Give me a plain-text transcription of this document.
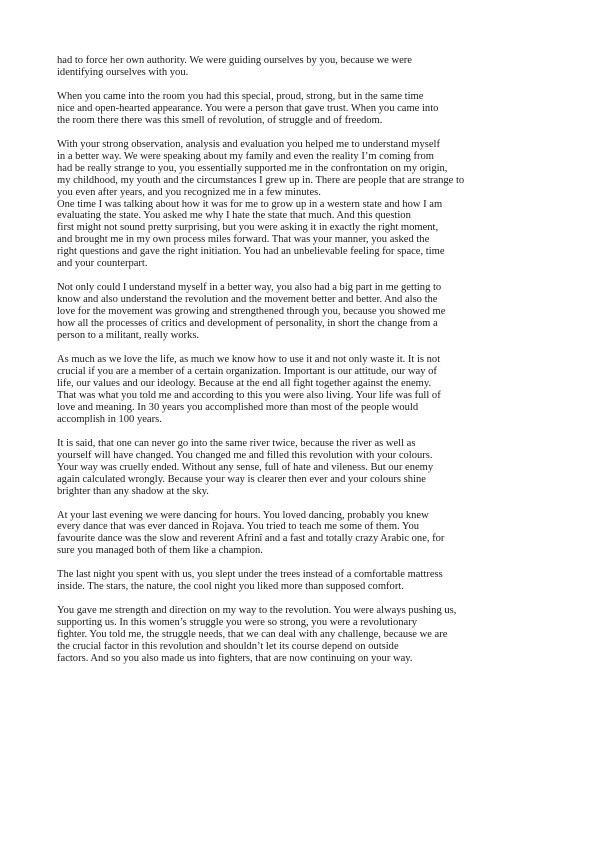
had to force her own authority. We were guiding ourselves by you, because we were
identifying ourselves with you.

When you came into the room you had this special, proud, strong, but in the same time
nice and open-hearted appearance. You were a person that gave trust. When you came into
the room there there was this smell of revolution, of struggle and of freedom.

With your strong observation, analysis and evaluation you helped me to understand myself
in a better way. We were speaking about my family and even the reality I’m coming from
had be really strange to you, you essentially supported me in the confrontation on my origin,
my childhood, my youth and the circumstances I grew up in. There are people that are strange to
you even after years, and you recognized me in a few minutes.

One time I was talking about how it was for me to grow up in a western state and how I am
evaluating the state. You asked me why I hate the state that much. And this question
first might not sound pretty surprising, but you were asking it in exactly the right moment,
and brought me in my own process miles forward. That was your manner, you asked the
right questions and gave the right initiation. You had an unbelievable feeling for space, time
and your counterpart.

Not only could I understand myself in a better way, you also had a big part in me getting to
know and also understand the revolution and the movement better and better. And also the
love for the movement was growing and strengthened through you, because you showed me
how all the processes of critics and development of personality, in short the change from a
person to a militant, really works.

As much as we love the life, as much we know how to use it and not only waste it. It is not
crucial if you are a member of a certain organization. Important is our attitude, our way of
life, our values and our ideology. Because at the end all fight together against the enemy.
That was what you told me and according to this you were also living. Your life was full of
love and meaning. In 30 years you accomplished more than most of the people would
accomplish in 100 years.

It is said, that one can never go into the same river twice, because the river as well as
yourself will have changed. You changed me and filled this revolution with your colours.
Your way was cruelly ended. Without any sense, full of hate and vileness. But our enemy
again calculated wrongly. Because your way is clearer then ever and your colours shine
brighter than any shadow at the sky.

At your last evening we were dancing for hours. You loved dancing, probably you knew
every dance that was ever danced in Rojava. You tried to teach me some of them. You
favourite dance was the slow and reverent Afrinî and a fast and totally crazy Arabic one, for
sure you managed both of them like a champion.

The last night you spent with us, you slept under the trees instead of a comfortable mattress
inside. The stars, the nature, the cool night you liked more than supposed comfort.

You gave me strength and direction on my way to the revolution. You were always pushing us,
supporting us. In this women’s struggle you were so strong, you were a revolutionary
fighter. You told me, the struggle needs, that we can deal with any challenge, because we are
the crucial factor in this revolution and shouldn’t let its course depend on outside
factors. And so you also made us into fighters, that are now continuing on your way.
